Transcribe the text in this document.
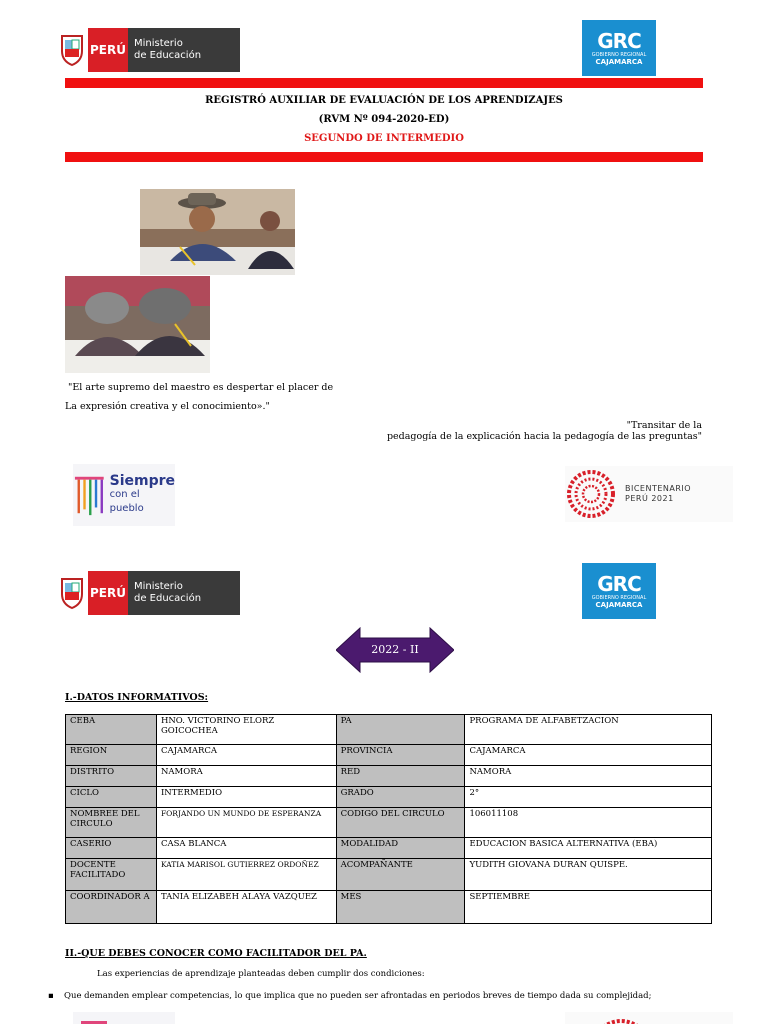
PERÚ Ministerio
de Educación
GRC
GOBIERNO REGIONAL
CAJAMARCA
REGISTRÓ AUXILIAR DE EVALUACIÓN DE LOS APRENDIZAJES
(RVM Nº 094-2020-ED)
SEGUNDO DE INTERMEDIO
"El arte supremo del maestro es despertar el placer de
La expresión creativa y el conocimiento»."
"Transitar de la
pedagogía de la explicación hacia la pedagogía de las preguntas"
Siempre
con el pueblo
BICENTENARIO
PERÚ 2021
PERÚ Ministerio
de Educación
GRC
GOBIERNO REGIONAL
CAJAMARCA
2022 - II
I.-DATOS INFORMATIVOS:
CEBA	HNO. VICTORINO ELORZ GOICOCHEA	PA	PROGRAMA DE ALFABETZACION
REGION	CAJAMARCA	PROVINCIA	CAJAMARCA
DISTRITO	NAMORA	RED	NAMORA
CICLO	INTERMEDIO	GRADO	2°
NOMBREE DEL CIRCULO	FORJANDO UN MUNDO DE ESPERANZA	CODIGO DEL CIRCULO	106011108
CASERIO	CASA BLANCA	MODALIDAD	EDUCACION BASICA ALTERNATIVA (EBA)
DOCENTE FACILITADO	KATIA MARISOL GUTIERREZ ORDOÑEZ	ACOMPAÑANTE	YUDITH GIOVANA DURAN QUISPE.
COORDINADOR A	TANIA ELIZABEH ALAYA VAZQUEZ	MES	SEPTIEMBRE
II.-QUE DEBES CONOCER COMO FACILITADOR DEL PA.
Las experiencias de aprendizaje planteadas deben cumplir dos condiciones:
▪ Que demanden emplear competencias, lo que implica que no pueden ser afrontadas en periodos breves de tiempo dada su complejidad;
